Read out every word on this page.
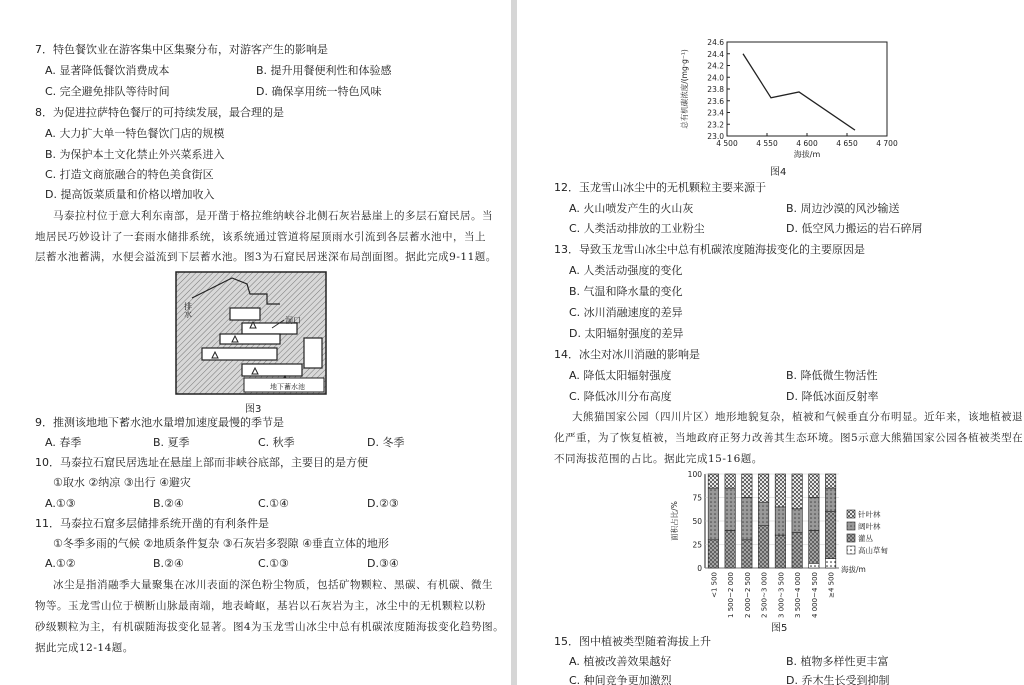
7．特色餐饮业在游客集中区集聚分布，对游客产生的影响是
A. 显著降低餐饮消费成本	B. 提升用餐便利性和体验感
C. 完全避免排队等待时间	D. 确保享用统一特色风味
8．为促进拉萨特色餐厅的可持续发展，最合理的是
A. 大力扩大单一特色餐饮门店的规模
B. 为保护本土文化禁止外兴菜系进入
C. 打造文商旅融合的特色美食街区
D. 提高饭菜质量和价格以增加收入
马泰拉村位于意大利东南部，是开凿于格拉维纳峡谷北侧石灰岩悬崖上的多层石窟民居。当
地居民巧妙设计了一套雨水储排系统，该系统通过管道将屋顶雨水引流到各层蓄水池中，当上
层蓄水池蓄满，水便会溢流到下层蓄水池。图3为石窟民居迷深布局剖面图。据此完成9-11题。
排水
洞口
地下蓄水池
图3
9．推测该地地下蓄水池水量增加速度最慢的季节是
A. 春季	B. 夏季	C. 秋季	D. 冬季
10．马泰拉石窟民居选址在悬崖上部而非峡谷底部，主要目的是方便
①取水 ②纳凉 ③出行 ④避灾
A.①③	B.②④	C.①④	D.②③
11．马泰拉石窟多层储排系统开凿的有利条件是
①冬季多雨的气候 ②地质条件复杂 ③石灰岩多裂隙 ④垂直立体的地形
A.①②	B.②④	C.①③	D.③④
冰尘是指消融季大量聚集在冰川表面的深色粉尘物质，包括矿物颗粒、黑碳、有机碳、微生
物等。玉龙雪山位于横断山脉最南端，地表崎岖，基岩以石灰岩为主，冰尘中的无机颗粒以粉
砂级颗粒为主，有机碳随海拔变化显著。图4为玉龙雪山冰尘中总有机碳浓度随海拔变化趋势图。
据此完成12-14题。
23.0
23.2
23.4
23.6
23.8
24.0
24.2
24.4
24.6
4 500 4 550 4 600 4 650 4 700
海拔/m
总有机碳浓度/(mg·g⁻¹)
图4
12．玉龙雪山冰尘中的无机颗粒主要来源于
A. 火山喷发产生的火山灰	B. 周边沙漠的风沙输送
C. 人类活动排放的工业粉尘	D. 低空风力搬运的岩石碎屑
13．导致玉龙雪山冰尘中总有机碳浓度随海拔变化的主要原因是
A. 人类活动强度的变化
B. 气温和降水量的变化
C. 冰川消融速度的差异
D. 太阳辐射强度的差异
14．冰尘对冰川消融的影响是
A. 降低太阳辐射强度	B. 降低微生物活性
C. 降低冰川分布高度	D. 降低冰面反射率
大熊猫国家公园（四川片区）地形地貌复杂，植被和气候垂直分布明显。近年来，该地植被退
化严重，为了恢复植被，当地政府正努力改善其生态环境。图5示意大熊猫国家公园各植被类型在
不同海拔范围的占比。据此完成15-16题。
0
25
50
75
100
<1 500 1 500~2 000 2 000~2 500 2 500~3 000 3 000~3 500 3 500~4 000 4 000~4 500 ≥4 500
海拔/m
面积占比/%	针叶林
阔叶林
灌丛
高山草甸
图5
15．图中植被类型随着海拔上升
A. 植被改善效果越好	B. 植物多样性更丰富
C. 种间竞争更加激烈	D. 乔木生长受到抑制
